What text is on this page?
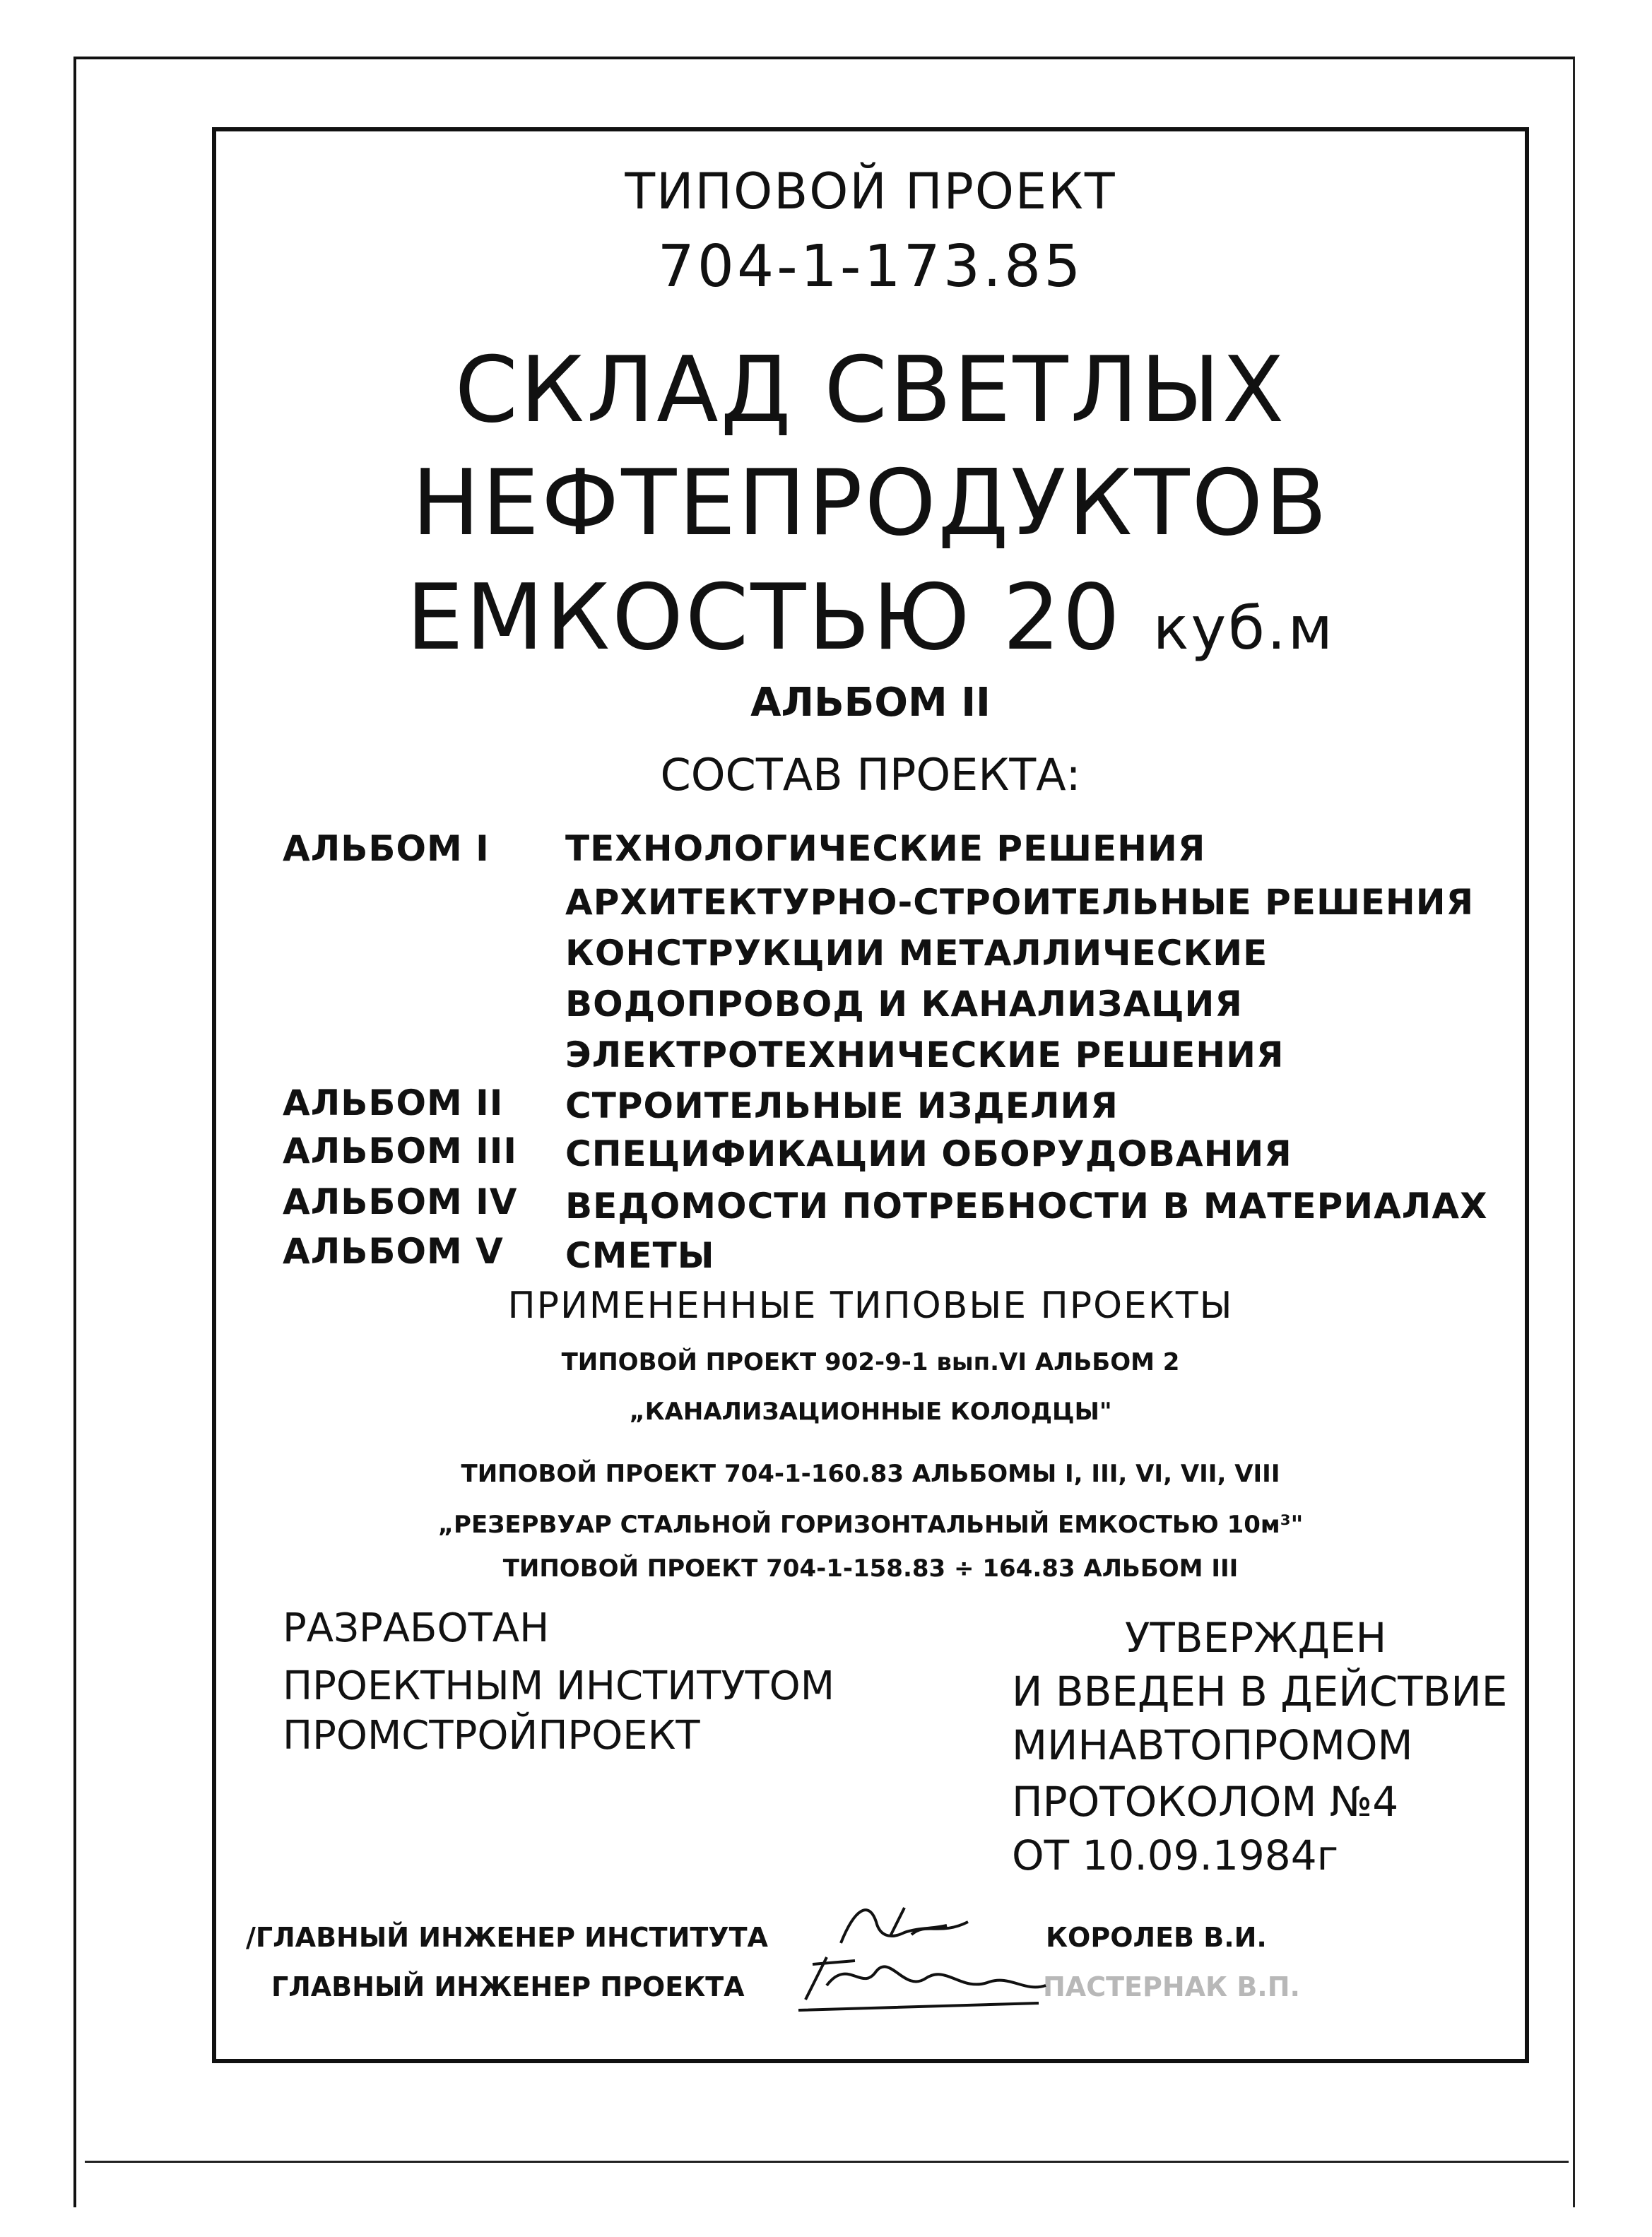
ТИПОВОЙ ПРОЕКТ
704-1-173.85
СКЛАД СВЕТЛЫХ
НЕФТЕПРОДУКТОВ
ЕМКОСТЬЮ 20 куб.м
АЛЬБОМ II
СОСТАВ ПРОЕКТА:
АЛЬБОМ I ТЕХНОЛОГИЧЕСКИЕ РЕШЕНИЯ
АРХИТЕКТУРНО-СТРОИТЕЛЬНЫЕ РЕШЕНИЯ
КОНСТРУКЦИИ МЕТАЛЛИЧЕСКИЕ
ВОДОПРОВОД И КАНАЛИЗАЦИЯ
ЭЛЕКТРОТЕХНИЧЕСКИЕ РЕШЕНИЯ
АЛЬБОМ II СТРОИТЕЛЬНЫЕ ИЗДЕЛИЯ
АЛЬБОМ III СПЕЦИФИКАЦИИ ОБОРУДОВАНИЯ
АЛЬБОМ IV ВЕДОМОСТИ ПОТРЕБНОСТИ В МАТЕРИАЛАХ
АЛЬБОМ V СМЕТЫ
ПРИМЕНЕННЫЕ ТИПОВЫЕ ПРОЕКТЫ
ТИПОВОЙ ПРОЕКТ 902-9-1 вып.VI АЛЬБОМ 2
„КАНАЛИЗАЦИОННЫЕ КОЛОДЦЫ"
ТИПОВОЙ ПРОЕКТ 704-1-160.83 АЛЬБОМЫ I, III, VI, VII, VIII
„РЕЗЕРВУАР СТАЛЬНОЙ ГОРИЗОНТАЛЬНЫЙ ЕМКОСТЬЮ 10м³"
ТИПОВОЙ ПРОЕКТ 704-1-158.83 ÷ 164.83 АЛЬБОМ III
РАЗРАБОТАН
ПРОЕКТНЫМ ИНСТИТУТОМ
ПРОМСТРОЙПРОЕКТ
УТВЕРЖДЕН
И ВВЕДЕН В ДЕЙСТВИЕ
МИНАВТОПРОМОМ
ПРОТОКОЛОМ №4
ОТ 10.09.1984г
/ГЛАВНЫЙ ИНЖЕНЕР ИНСТИТУТА	КОРОЛЕВ В.И.
ГЛАВНЫЙ ИНЖЕНЕР ПРОЕКТА	ПАСТЕРНАК В.П.
